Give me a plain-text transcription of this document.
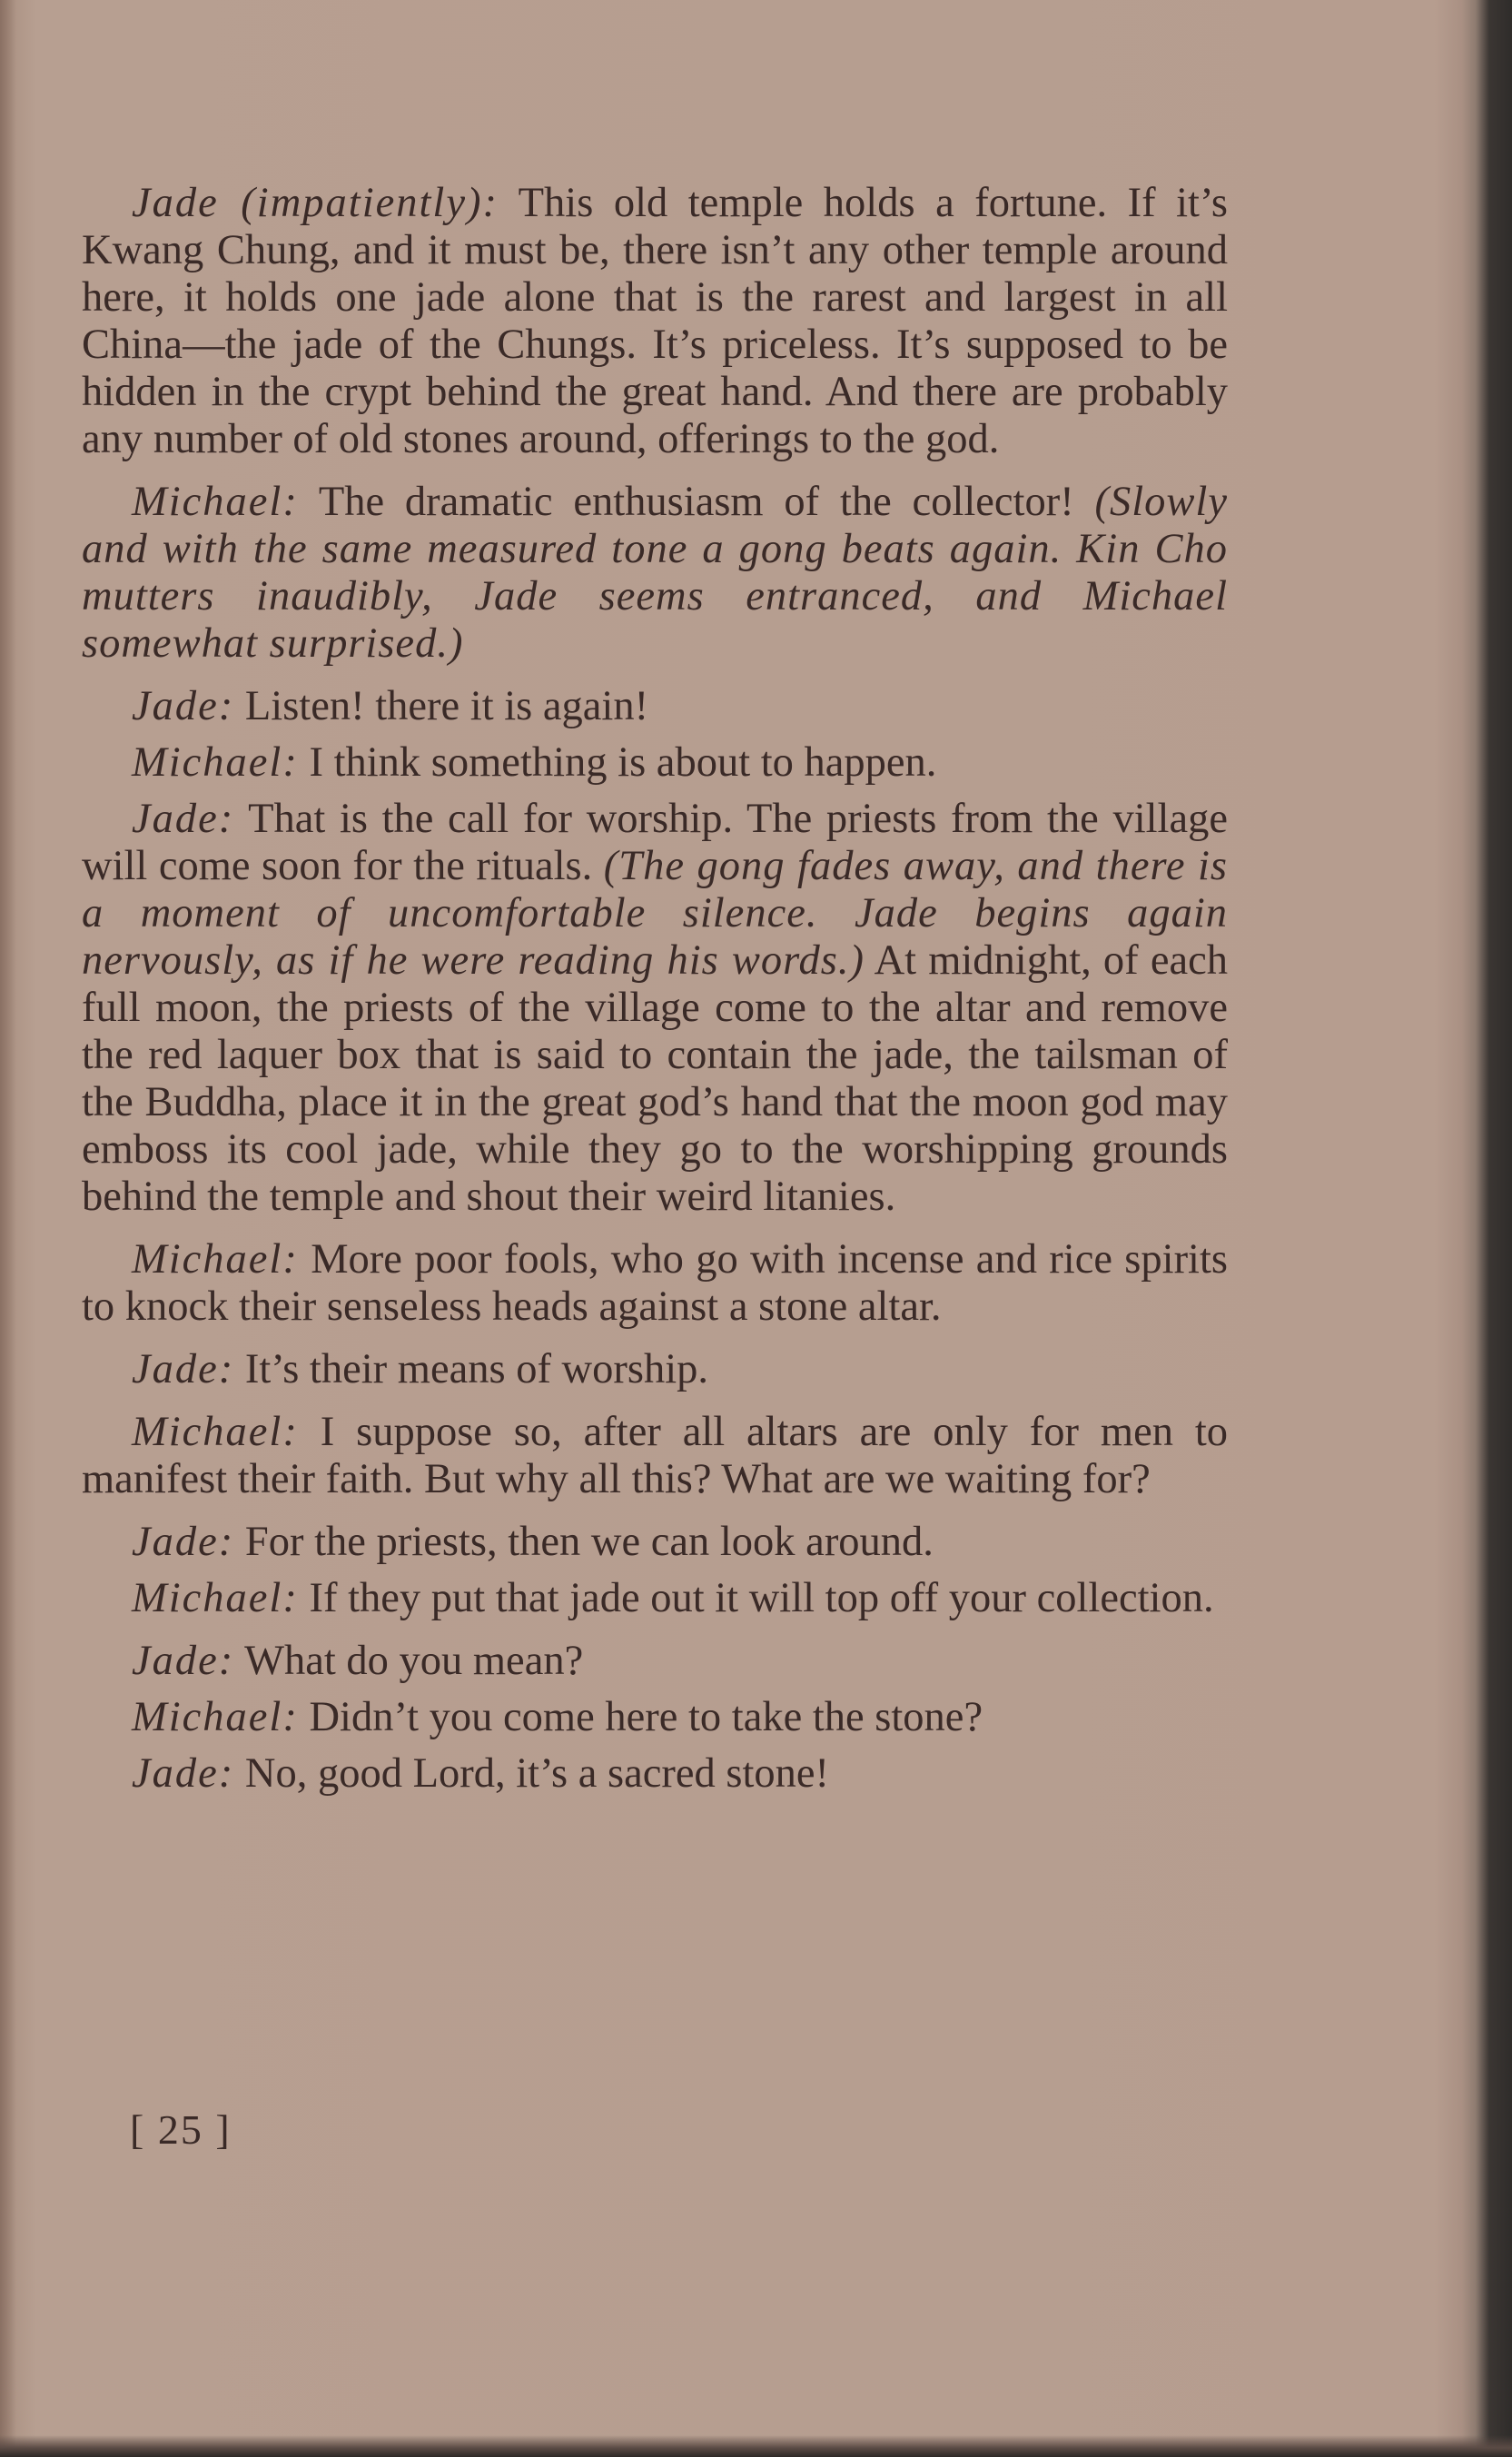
Jade (impatiently): This old temple holds a fortune. If it’s Kwang Chung, and it must be, there isn’t any other temple around here, it holds one jade alone that is the rarest and largest in all China—the jade of the Chungs. It’s priceless. It’s supposed to be hidden in the crypt behind the great hand. And there are probably any number of old stones around, offerings to the god.

Michael: The dramatic enthusiasm of the collector! (Slowly and with the same measured tone a gong beats again. Kin Cho mutters inaudibly, Jade seems entranced, and Michael somewhat surprised.)

Jade: Listen! there it is again!

Michael: I think something is about to happen.

Jade: That is the call for worship. The priests from the village will come soon for the rituals. (The gong fades away, and there is a moment of uncomfortable silence. Jade begins again nervously, as if he were reading his words.) At midnight, of each full moon, the priests of the village come to the altar and remove the red laquer box that is said to contain the jade, the tailsman of the Buddha, place it in the great god’s hand that the moon god may emboss its cool jade, while they go to the worshipping grounds behind the temple and shout their weird litanies.

Michael: More poor fools, who go with incense and rice spirits to knock their senseless heads against a stone altar.

Jade: It’s their means of worship.

Michael: I suppose so, after all altars are only for men to manifest their faith. But why all this? What are we waiting for?

Jade: For the priests, then we can look around.

Michael: If they put that jade out it will top off your collection.

Jade: What do you mean?

Michael: Didn’t you come here to take the stone?

Jade: No, good Lord, it’s a sacred stone!

[ 25 ]
